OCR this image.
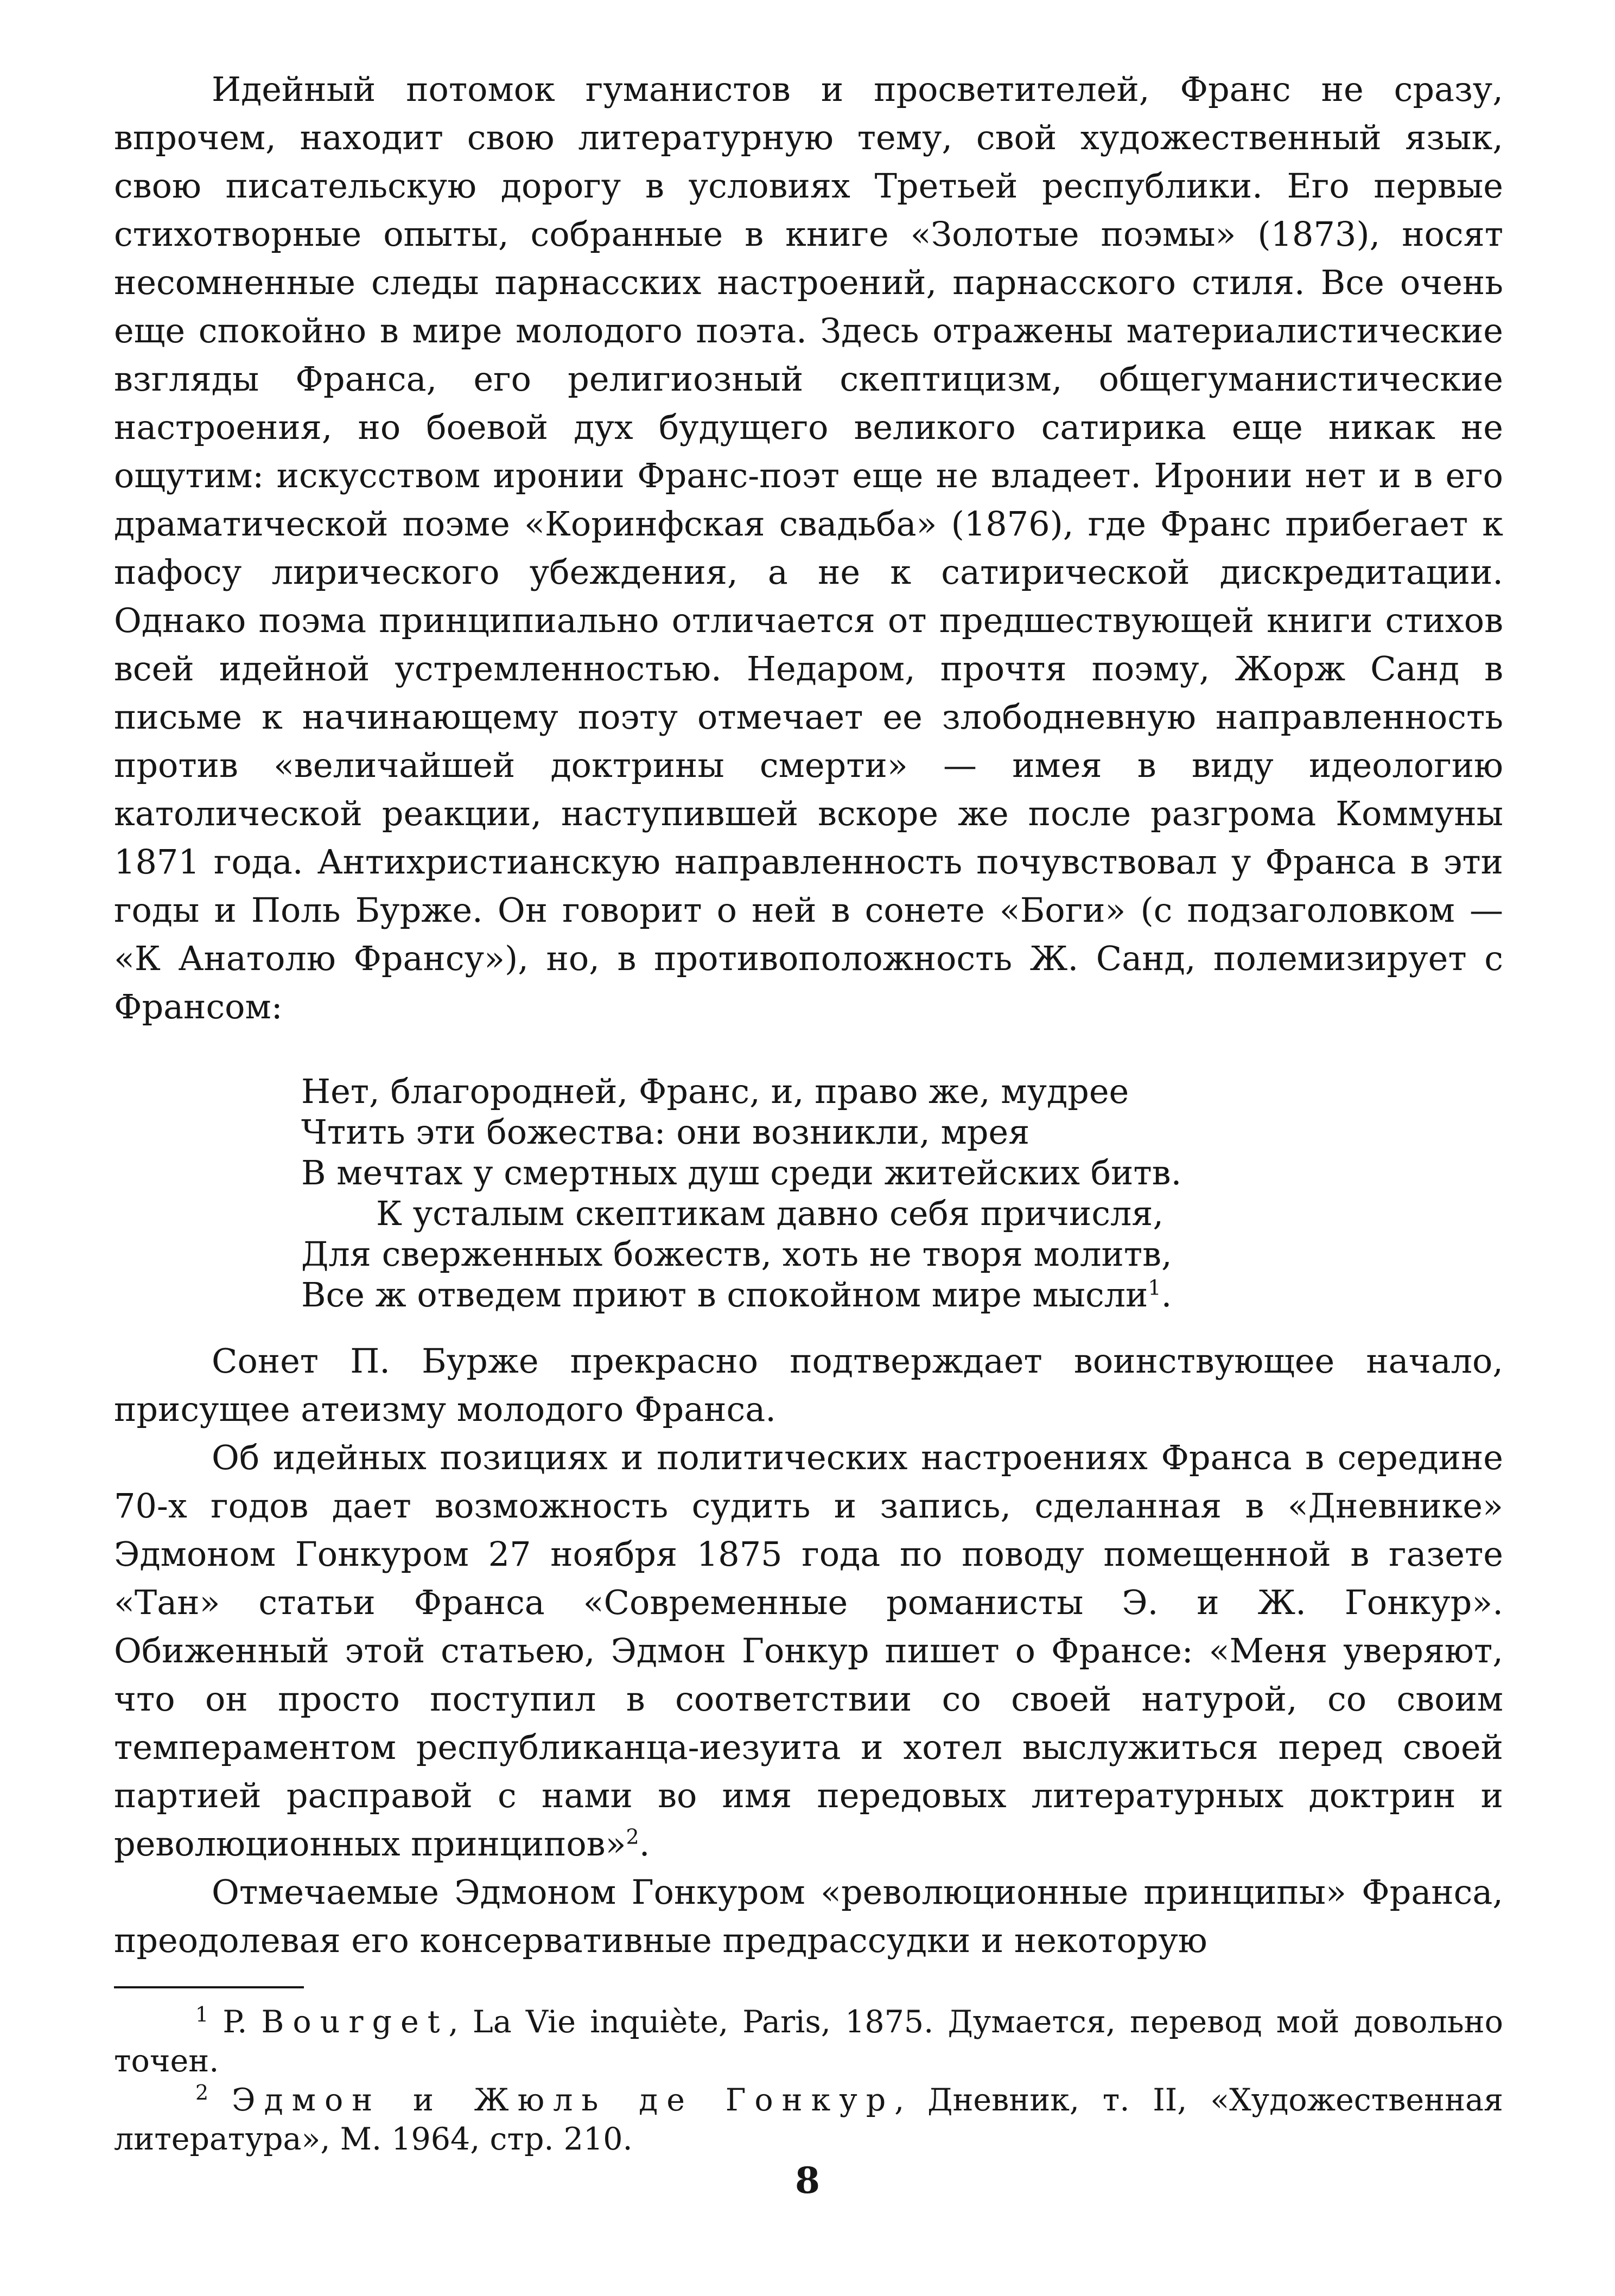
Идейный потомок гуманистов и просветителей, Франс не сразу, впрочем, находит свою литературную тему, свой художественный язык, свою писательскую дорогу в условиях Третьей республики. Его первые стихотворные опыты, собранные в книге «Золотые поэмы» (1873), носят несомненные следы парнасских настроений, парнасского стиля. Все очень еще спокойно в мире молодого поэта. Здесь отражены материалистические взгляды Франса, его религиозный скептицизм, общегуманистические настроения, но боевой дух будущего великого сатирика еще никак не ощутим: искусством иронии Франс-поэт еще не владеет. Иронии нет и в его драматической поэме «Коринфская свадьба» (1876), где Франс прибегает к пафосу лирического убеждения, а не к сатирической дискредитации. Однако поэма принципиально отличается от предшествующей книги стихов всей идейной устремленностью. Недаром, прочтя поэму, Жорж Санд в письме к начинающему поэту отмечает ее злободневную направленность против «величайшей доктрины смерти» — имея в виду идеологию католической реакции, наступившей вскоре же после разгрома Коммуны 1871 года. Антихристианскую направленность почувствовал у Франса в эти годы и Поль Бурже. Он говорит о ней в сонете «Боги» (с подзаголовком — «К Анатолю Франсу»), но, в противоположность Ж. Санд, полемизирует с Франсом:

Нет, благородней, Франс, и, право же, мудрее
Чтить эти божества: они возникли, мрея
В мечтах у смертных душ среди житейских битв.
К усталым скептикам давно себя причисля,
Для сверженных божеств, хоть не творя молитв,
Все ж отведем приют в спокойном мире мысли$^1$.

Сонет П. Бурже прекрасно подтверждает воинствующее начало, присущее атеизму молодого Франса.

Об идейных позициях и политических настроениях Франса в середине 70-х годов дает возможность судить и запись, сделанная в «Дневнике» Эдмоном Гонкуром 27 ноября 1875 года по поводу помещенной в газете «Тан» статьи Франса «Современные романисты Э. и Ж. Гонкур». Обиженный этой статьею, Эдмон Гонкур пишет о Франсе: «Меня уверяют, что он просто поступил в соответствии со своей натурой, со своим темпераментом республиканца-иезуита и хотел выслужиться перед своей партией расправой с нами во имя передовых литературных доктрин и революционных принципов»$^2$.

Отмечаемые Эдмоном Гонкуром «революционные принципы» Франса, преодолевая его консервативные предрассудки и некоторую

$^1$ P. Bourget, La Vie inquiète, Paris, 1875. Думается, перевод мой довольно точен.

$^2$ Эдмон и Жюль де Гонкур, Дневник, т. II, «Художественная литература», М. 1964, стр. 210.

8
